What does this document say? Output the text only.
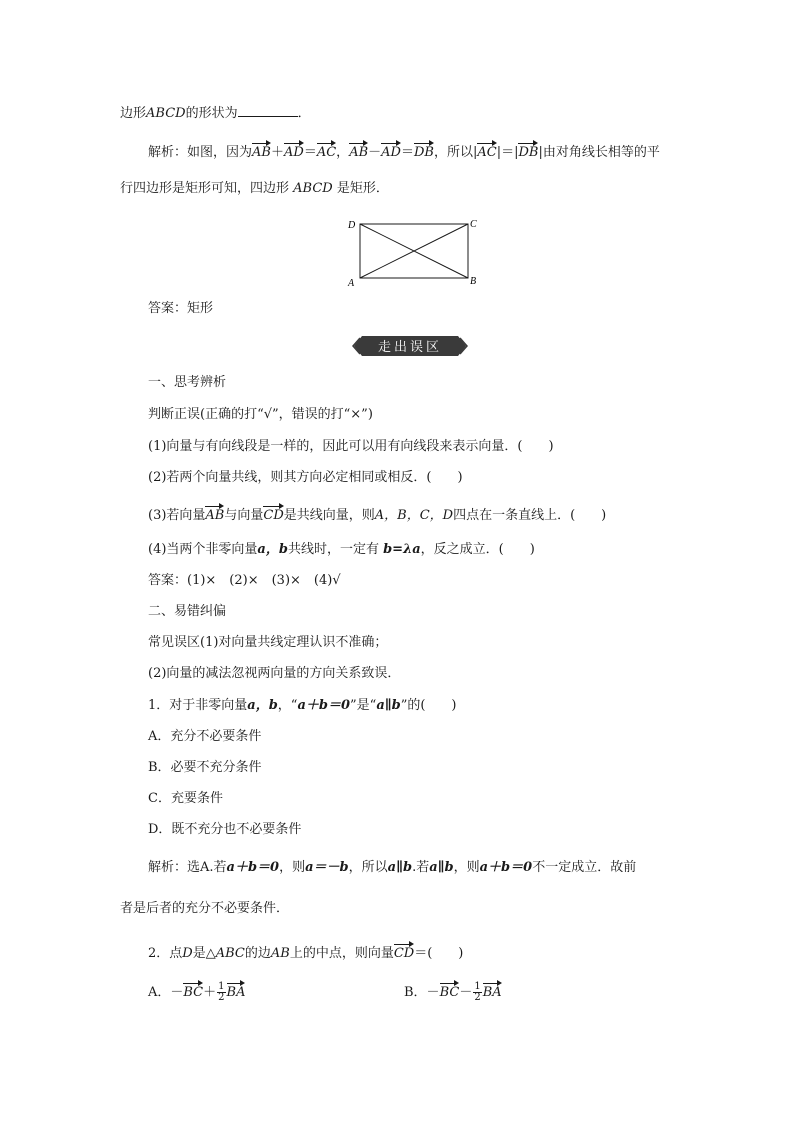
边形ABCD的形状为	．
解析：如图，因为AB＋AD＝AC，AB－AD＝DB，所以|AC|＝|DB|由对角线长相等的平
行四边形是矩形可知，四边形 ABCD 是矩形．
D	C
A	B
答案：矩形
走出误区
一、思考辨析
判断正误(正确的打“√”，错误的打“×”)
(1)向量与有向线段是一样的，因此可以用有向线段来表示向量．(　　)
(2)若两个向量共线，则其方向必定相同或相反．(　　)
(3)若向量AB与向量CD是共线向量，则A，B，C，D四点在一条直线上．(　　)
(4)当两个非零向量a，b共线时，一定有 b=λa，反之成立．(　　)
答案：(1)×　(2)×　(3)×　(4)√
二、易错纠偏
常见误区(1)对向量共线定理认识不准确；
(2)向量的减法忽视两向量的方向关系致误．
1．对于非零向量a，b，“a＋b＝0”是“a∥b”的(　　)
A．充分不必要条件
B．必要不充分条件
C．充要条件
D．既不充分也不必要条件
解析：选A.若a＋b＝0，则a＝－b，所以a∥b.若a∥b，则a＋b＝0不一定成立．故前
者是后者的充分不必要条件．
2．点D是△ABC的边AB上的中点，则向量CD＝(　　)
A．$-BC+ \frac{1}{2}$ BA	B．$-BC- \frac{1}{2}$ BA
